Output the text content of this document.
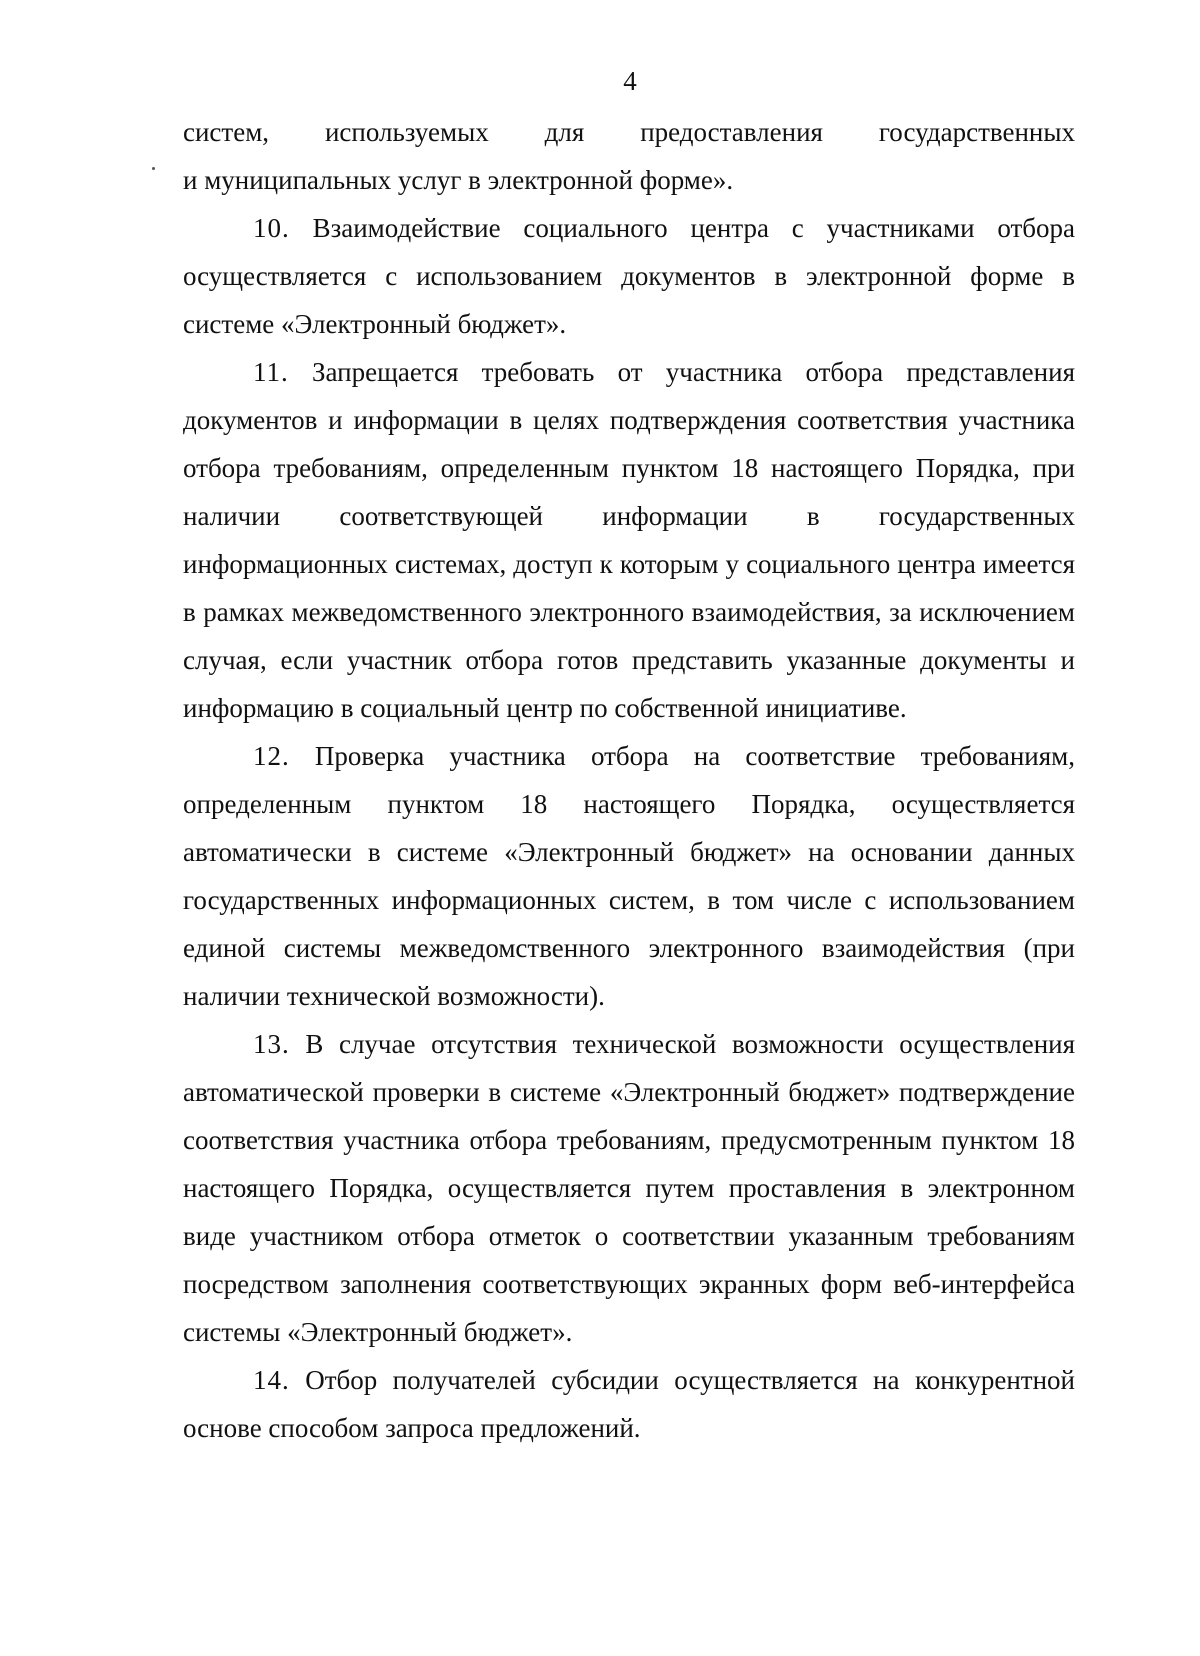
4

систем, используемых для предоставления государственных
и муниципальных услуг в электронной форме».

10. Взаимодействие социального центра с участниками отбора осуществляется с использованием документов в электронной форме в системе «Электронный бюджет».

11. Запрещается требовать от участника отбора представления документов и информации в целях подтверждения соответствия участника отбора требованиям, определенным пунктом 18 настоящего Порядка, при наличии соответствующей информации в государственных информационных системах, доступ к которым у социального центра имеется в рамках межведомственного электронного взаимодействия, за исключением случая, если участник отбора готов представить указанные документы и информацию в социальный центр по собственной инициативе.

12. Проверка участника отбора на соответствие требованиям, определенным пунктом 18 настоящего Порядка, осуществляется автоматически в системе «Электронный бюджет» на основании данных государственных информационных систем, в том числе с использованием единой системы межведомственного электронного взаимодействия (при наличии технической возможности).

13. В случае отсутствия технической возможности осуществления автоматической проверки в системе «Электронный бюджет» подтверждение соответствия участника отбора требованиям, предусмотренным пунктом 18 настоящего Порядка, осуществляется путем проставления в электронном виде участником отбора отметок о соответствии указанным требованиям посредством заполнения соответствующих экранных форм веб-интерфейса системы «Электронный бюджет».

14. Отбор получателей субсидии осуществляется на конкурентной основе способом запроса предложений.
